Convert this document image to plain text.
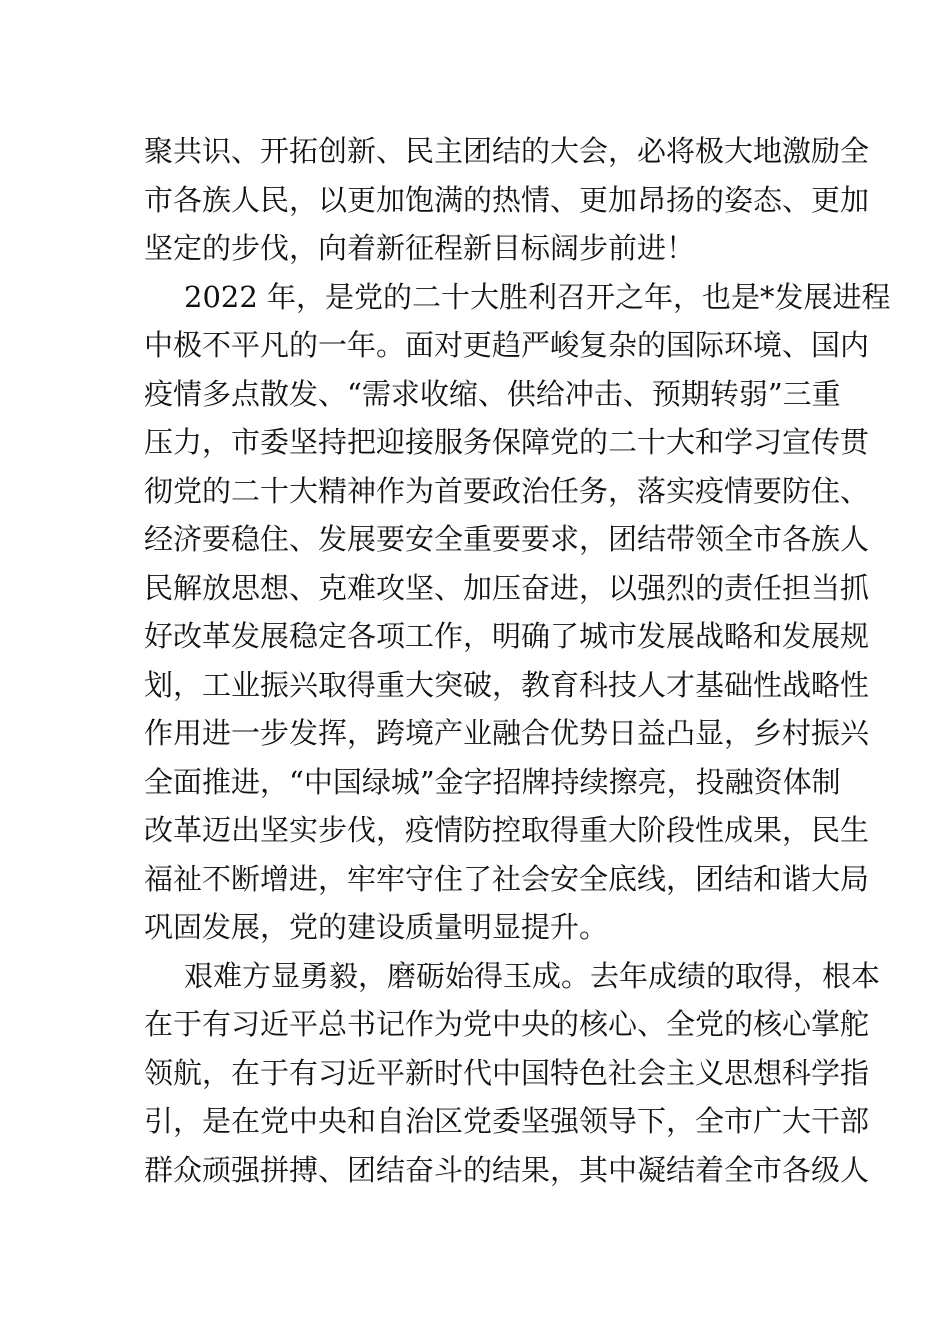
聚共识、开拓创新、民主团结的大会，必将极大地激励全
市各族人民，以更加饱满的热情、更加昂扬的姿态、更加
坚定的步伐，向着新征程新目标阔步前进！
2022 年，是党的二十大胜利召开之年，也是*发展进程
中极不平凡的一年。面对更趋严峻复杂的国际环境、国内
疫情多点散发、“需求收缩、供给冲击、预期转弱”三重
压力，市委坚持把迎接服务保障党的二十大和学习宣传贯
彻党的二十大精神作为首要政治任务，落实疫情要防住、
经济要稳住、发展要安全重要要求，团结带领全市各族人
民解放思想、克难攻坚、加压奋进，以强烈的责任担当抓
好改革发展稳定各项工作，明确了城市发展战略和发展规
划，工业振兴取得重大突破，教育科技人才基础性战略性
作用进一步发挥，跨境产业融合优势日益凸显，乡村振兴
全面推进，“中国绿城”金字招牌持续擦亮，投融资体制
改革迈出坚实步伐，疫情防控取得重大阶段性成果，民生
福祉不断增进，牢牢守住了社会安全底线，团结和谐大局
巩固发展，党的建设质量明显提升。
艰难方显勇毅，磨砺始得玉成。去年成绩的取得，根本
在于有习近平总书记作为党中央的核心、全党的核心掌舵
领航，在于有习近平新时代中国特色社会主义思想科学指
引，是在党中央和自治区党委坚强领导下，全市广大干部
群众顽强拼搏、团结奋斗的结果，其中凝结着全市各级人
